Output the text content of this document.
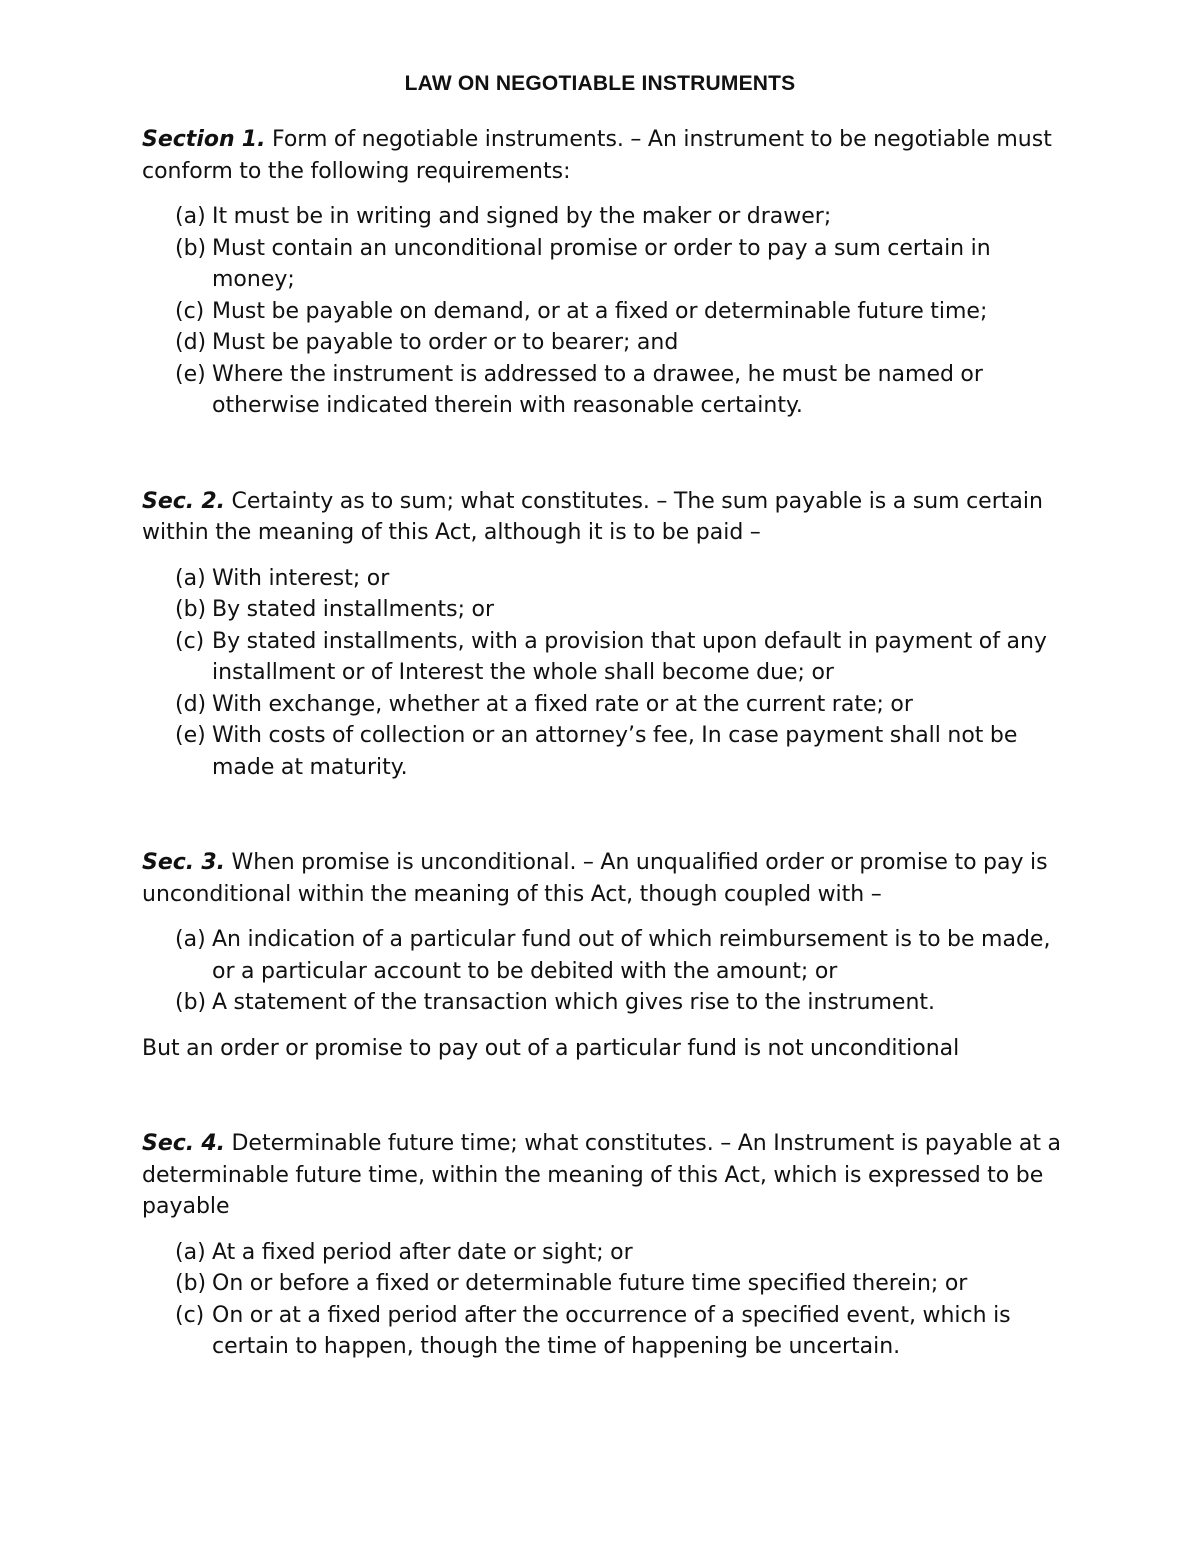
LAW ON NEGOTIABLE INSTRUMENTS

Section 1. Form of negotiable instruments. – An instrument to be negotiable must conform to the following requirements:

(a) It must be in writing and signed by the maker or drawer;
(b) Must contain an unconditional promise or order to pay a sum certain in money;
(c) Must be payable on demand, or at a fixed or determinable future time;
(d) Must be payable to order or to bearer; and
(e) Where the instrument is addressed to a drawee, he must be named or otherwise indicated therein with reasonable certainty.

Sec. 2. Certainty as to sum; what constitutes. – The sum payable is a sum certain within the meaning of this Act, although it is to be paid –

(a) With interest; or
(b) By stated installments; or
(c) By stated installments, with a provision that upon default in payment of any installment or of Interest the whole shall become due; or
(d) With exchange, whether at a fixed rate or at the current rate; or
(e) With costs of collection or an attorney’s fee, In case payment shall not be made at maturity.

Sec. 3. When promise is unconditional. – An unqualified order or promise to pay is unconditional within the meaning of this Act, though coupled with –

(a) An indication of a particular fund out of which reimbursement is to be made, or a particular account to be debited with the amount; or
(b) A statement of the transaction which gives rise to the instrument.

But an order or promise to pay out of a particular fund is not unconditional

Sec. 4. Determinable future time; what constitutes. – An Instrument is payable at a determinable future time, within the meaning of this Act, which is expressed to be payable

(a) At a fixed period after date or sight; or
(b) On or before a fixed or determinable future time specified therein; or
(c) On or at a fixed period after the occurrence of a specified event, which is certain to happen, though the time of happening be uncertain.
